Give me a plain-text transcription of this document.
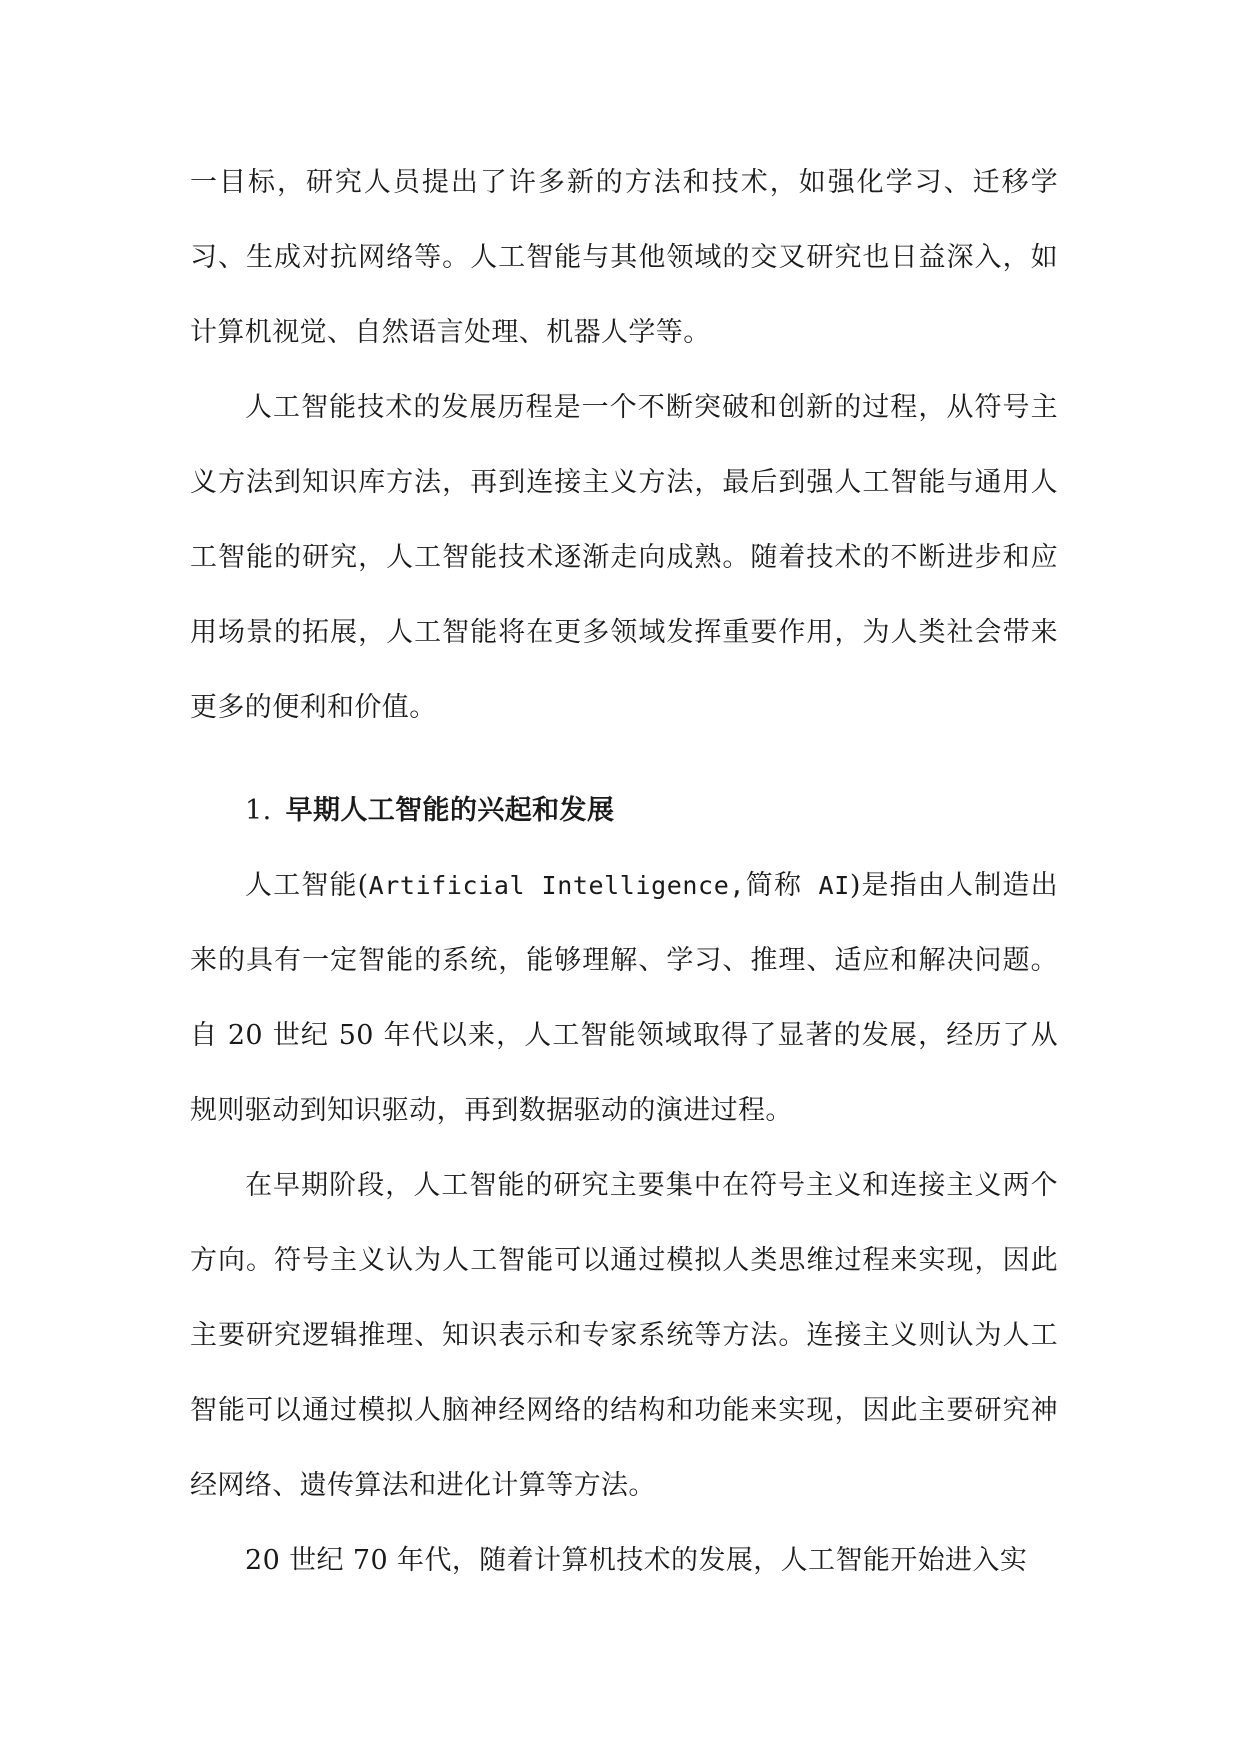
一目标，研究人员提出了许多新的方法和技术，如强化学习、迁移学习、生成对抗网络等。人工智能与其他领域的交叉研究也日益深入，如计算机视觉、自然语言处理、机器人学等。

人工智能技术的发展历程是一个不断突破和创新的过程，从符号主义方法到知识库方法，再到连接主义方法，最后到强人工智能与通用人工智能的研究，人工智能技术逐渐走向成熟。随着技术的不断进步和应用场景的拓展，人工智能将在更多领域发挥重要作用，为人类社会带来更多的便利和价值。

1. 早期人工智能的兴起和发展

人工智能(Artificial Intelligence,简称 AI)是指由人制造出来的具有一定智能的系统，能够理解、学习、推理、适应和解决问题。自 20 世纪 50 年代以来，人工智能领域取得了显著的发展，经历了从规则驱动到知识驱动，再到数据驱动的演进过程。

在早期阶段，人工智能的研究主要集中在符号主义和连接主义两个方向。符号主义认为人工智能可以通过模拟人类思维过程来实现，因此主要研究逻辑推理、知识表示和专家系统等方法。连接主义则认为人工智能可以通过模拟人脑神经网络的结构和功能来实现，因此主要研究神经网络、遗传算法和进化计算等方法。

20 世纪 70 年代，随着计算机技术的发展，人工智能开始进入实
